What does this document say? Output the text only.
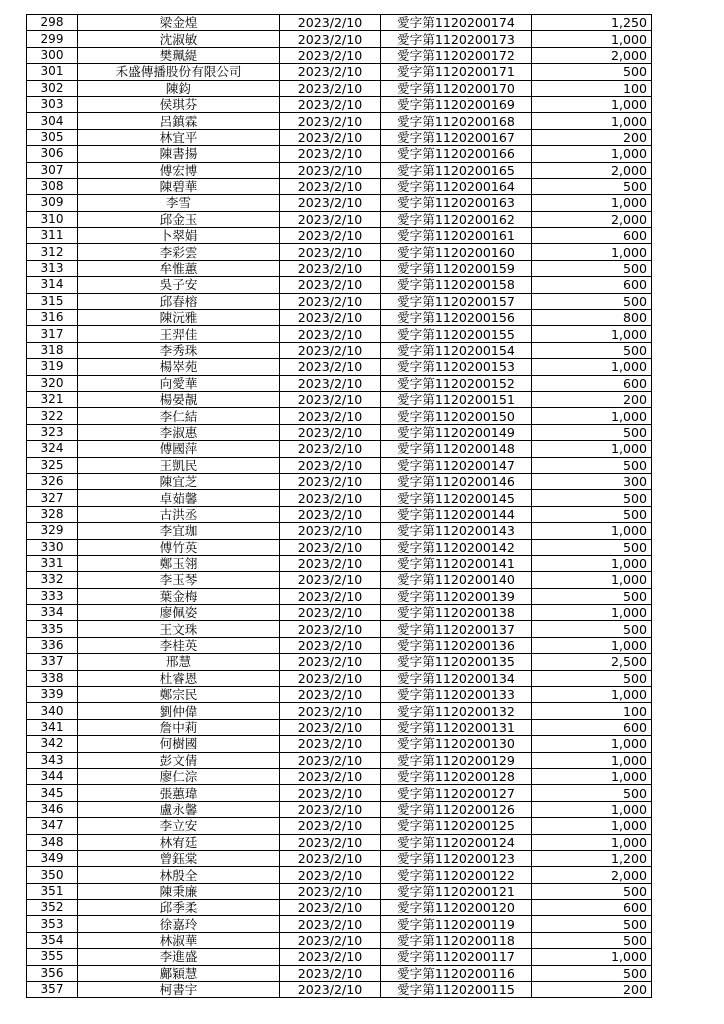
298	梁金煌	2023/2/10	愛字第1120200174	1,250
299	沈淑敏	2023/2/10	愛字第1120200173	1,000
300	樊珮緹	2023/2/10	愛字第1120200172	2,000
301	禾盛傳播股份有限公司	2023/2/10	愛字第1120200171	500
302	陳鈞	2023/2/10	愛字第1120200170	100
303	侯琪芬	2023/2/10	愛字第1120200169	1,000
304	呂鎮霖	2023/2/10	愛字第1120200168	1,000
305	林宜平	2023/2/10	愛字第1120200167	200
306	陳書揚	2023/2/10	愛字第1120200166	1,000
307	傅宏博	2023/2/10	愛字第1120200165	2,000
308	陳碧華	2023/2/10	愛字第1120200164	500
309	李雪	2023/2/10	愛字第1120200163	1,000
310	邱金玉	2023/2/10	愛字第1120200162	2,000
311	卜翠娟	2023/2/10	愛字第1120200161	600
312	李彩雲	2023/2/10	愛字第1120200160	1,000
313	牟惟蕙	2023/2/10	愛字第1120200159	500
314	吳子安	2023/2/10	愛字第1120200158	600
315	邱春榕	2023/2/10	愛字第1120200157	500
316	陳沅雅	2023/2/10	愛字第1120200156	800
317	王羿佳	2023/2/10	愛字第1120200155	1,000
318	李秀珠	2023/2/10	愛字第1120200154	500
319	楊崒苑	2023/2/10	愛字第1120200153	1,000
320	向愛華	2023/2/10	愛字第1120200152	600
321	楊晏靚	2023/2/10	愛字第1120200151	200
322	李仁結	2023/2/10	愛字第1120200150	1,000
323	李淑惠	2023/2/10	愛字第1120200149	500
324	傅國萍	2023/2/10	愛字第1120200148	1,000
325	王凱民	2023/2/10	愛字第1120200147	500
326	陳宜芝	2023/2/10	愛字第1120200146	300
327	卓茹馨	2023/2/10	愛字第1120200145	500
328	古洪丞	2023/2/10	愛字第1120200144	500
329	李宜珈	2023/2/10	愛字第1120200143	1,000
330	傅竹英	2023/2/10	愛字第1120200142	500
331	鄭玉翎	2023/2/10	愛字第1120200141	1,000
332	李玉琴	2023/2/10	愛字第1120200140	1,000
333	葉金梅	2023/2/10	愛字第1120200139	500
334	廖佩姿	2023/2/10	愛字第1120200138	1,000
335	王文珠	2023/2/10	愛字第1120200137	500
336	李桂英	2023/2/10	愛字第1120200136	1,000
337	邢慧	2023/2/10	愛字第1120200135	2,500
338	杜睿恩	2023/2/10	愛字第1120200134	500
339	鄭宗民	2023/2/10	愛字第1120200133	1,000
340	劉仲偉	2023/2/10	愛字第1120200132	100
341	詹中莉	2023/2/10	愛字第1120200131	600
342	何樹國	2023/2/10	愛字第1120200130	1,000
343	彭文倩	2023/2/10	愛字第1120200129	1,000
344	廖仁淙	2023/2/10	愛字第1120200128	1,000
345	張蕙瑋	2023/2/10	愛字第1120200127	500
346	盧永馨	2023/2/10	愛字第1120200126	1,000
347	李立安	2023/2/10	愛字第1120200125	1,000
348	林宥廷	2023/2/10	愛字第1120200124	1,000
349	曾鈺棠	2023/2/10	愛字第1120200123	1,200
350	林殷全	2023/2/10	愛字第1120200122	2,000
351	陳秉廉	2023/2/10	愛字第1120200121	500
352	邱季柔	2023/2/10	愛字第1120200120	600
353	徐嘉玲	2023/2/10	愛字第1120200119	500
354	林淑華	2023/2/10	愛字第1120200118	500
355	李進盛	2023/2/10	愛字第1120200117	1,000
356	鄺穎慧	2023/2/10	愛字第1120200116	500
357	柯書宇	2023/2/10	愛字第1120200115	200
